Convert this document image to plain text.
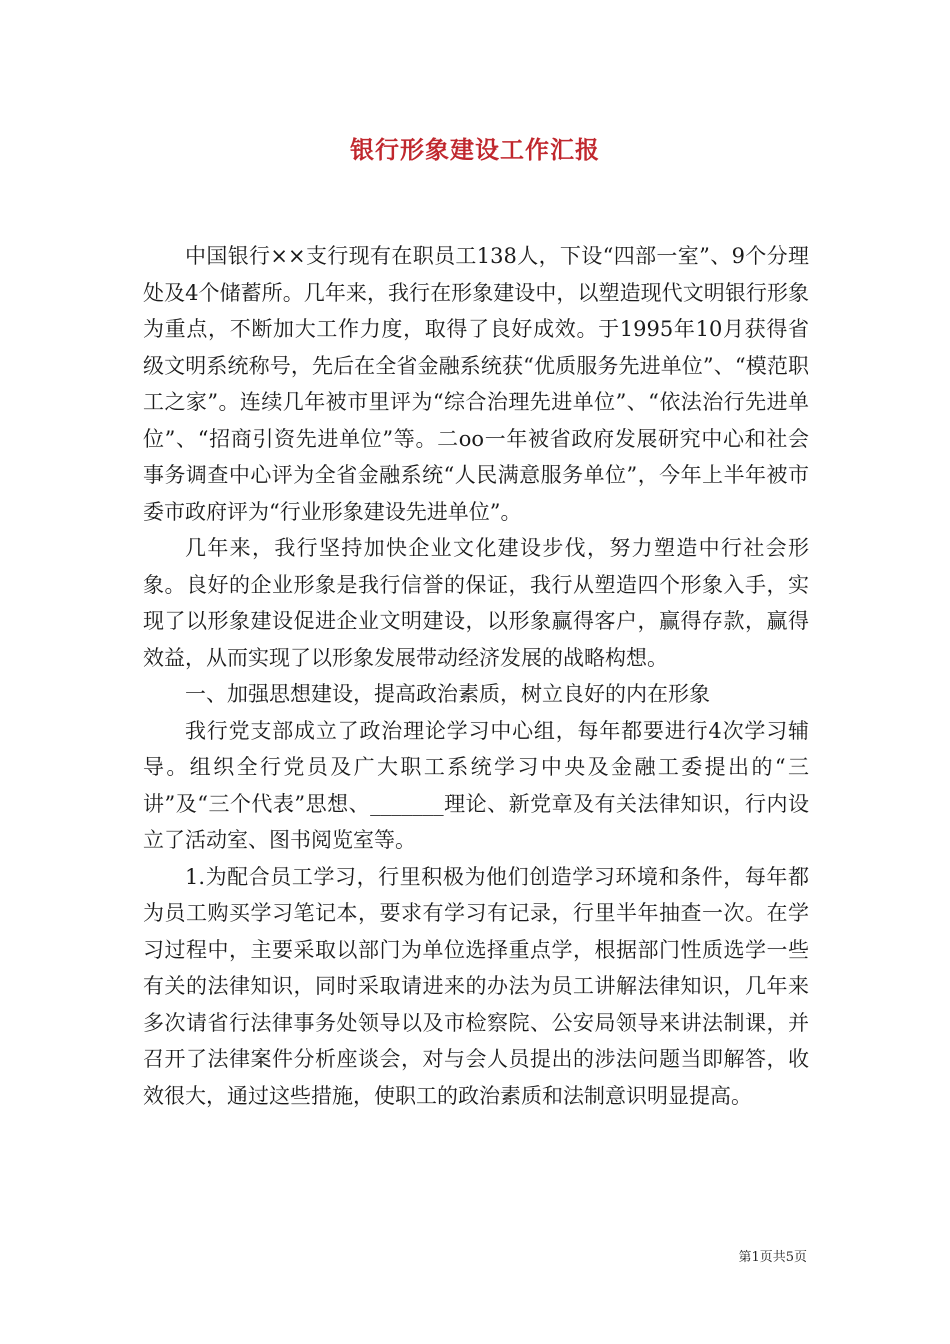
银行形象建设工作汇报

中国银行××支行现有在职员工138人，下设“四部一室”、9个分理处及4个储蓄所。几年来，我行在形象建设中，以塑造现代文明银行形象为重点，不断加大工作力度，取得了良好成效。于1995年10月获得省级文明系统称号，先后在全省金融系统获“优质服务先进单位”、“模范职工之家”。连续几年被市里评为“综合治理先进单位”、“依法治行先进单位”、“招商引资先进单位”等。二oo一年被省政府发展研究中心和社会事务调查中心评为全省金融系统“人民满意服务单位”，今年上半年被市委市政府评为“行业形象建设先进单位”。

几年来，我行坚持加快企业文化建设步伐，努力塑造中行社会形象。良好的企业形象是我行信誉的保证，我行从塑造四个形象入手，实现了以形象建设促进企业文明建设，以形象赢得客户，赢得存款，赢得效益，从而实现了以形象发展带动经济发展的战略构想。

一、加强思想建设，提高政治素质，树立良好的内在形象

我行党支部成立了政治理论学习中心组，每年都要进行4次学习辅导。组织全行党员及广大职工系统学习中央及金融工委提出的“三讲”及“三个代表”思想、_______理论、新党章及有关法律知识，行内设立了活动室、图书阅览室等。

1.为配合员工学习，行里积极为他们创造学习环境和条件，每年都为员工购买学习笔记本，要求有学习有记录，行里半年抽查一次。在学习过程中，主要采取以部门为单位选择重点学，根据部门性质选学一些有关的法律知识，同时采取请进来的办法为员工讲解法律知识，几年来多次请省行法律事务处领导以及市检察院、公安局领导来讲法制课，并召开了法律案件分析座谈会，对与会人员提出的涉法问题当即解答，收效很大，通过这些措施，使职工的政治素质和法制意识明显提高。

第1页共5页
